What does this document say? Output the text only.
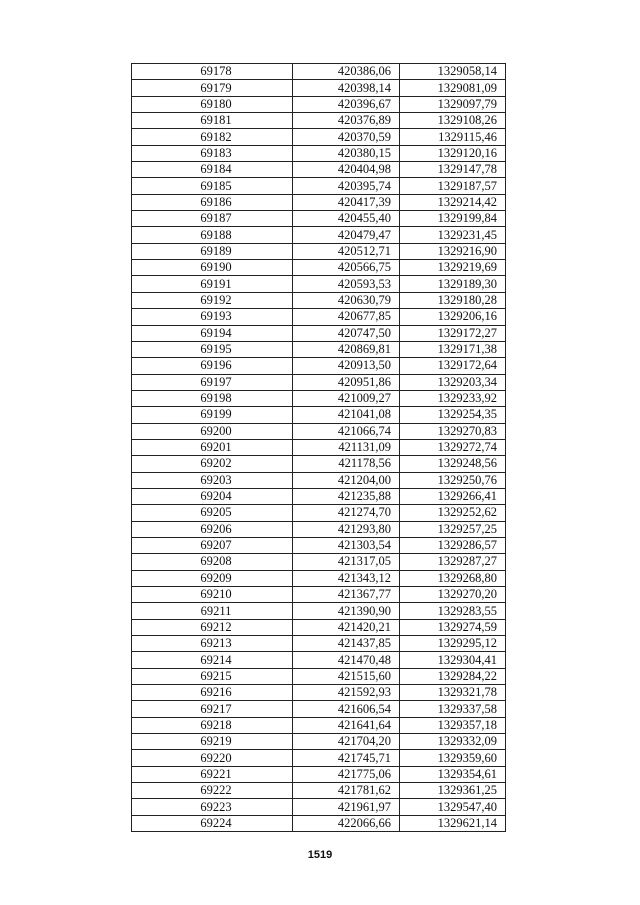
69178	420386,06	1329058,14
69179	420398,14	1329081,09
69180	420396,67	1329097,79
69181	420376,89	1329108,26
69182	420370,59	1329115,46
69183	420380,15	1329120,16
69184	420404,98	1329147,78
69185	420395,74	1329187,57
69186	420417,39	1329214,42
69187	420455,40	1329199,84
69188	420479,47	1329231,45
69189	420512,71	1329216,90
69190	420566,75	1329219,69
69191	420593,53	1329189,30
69192	420630,79	1329180,28
69193	420677,85	1329206,16
69194	420747,50	1329172,27
69195	420869,81	1329171,38
69196	420913,50	1329172,64
69197	420951,86	1329203,34
69198	421009,27	1329233,92
69199	421041,08	1329254,35
69200	421066,74	1329270,83
69201	421131,09	1329272,74
69202	421178,56	1329248,56
69203	421204,00	1329250,76
69204	421235,88	1329266,41
69205	421274,70	1329252,62
69206	421293,80	1329257,25
69207	421303,54	1329286,57
69208	421317,05	1329287,27
69209	421343,12	1329268,80
69210	421367,77	1329270,20
69211	421390,90	1329283,55
69212	421420,21	1329274,59
69213	421437,85	1329295,12
69214	421470,48	1329304,41
69215	421515,60	1329284,22
69216	421592,93	1329321,78
69217	421606,54	1329337,58
69218	421641,64	1329357,18
69219	421704,20	1329332,09
69220	421745,71	1329359,60
69221	421775,06	1329354,61
69222	421781,62	1329361,25
69223	421961,97	1329547,40
69224	422066,66	1329621,14
1519
